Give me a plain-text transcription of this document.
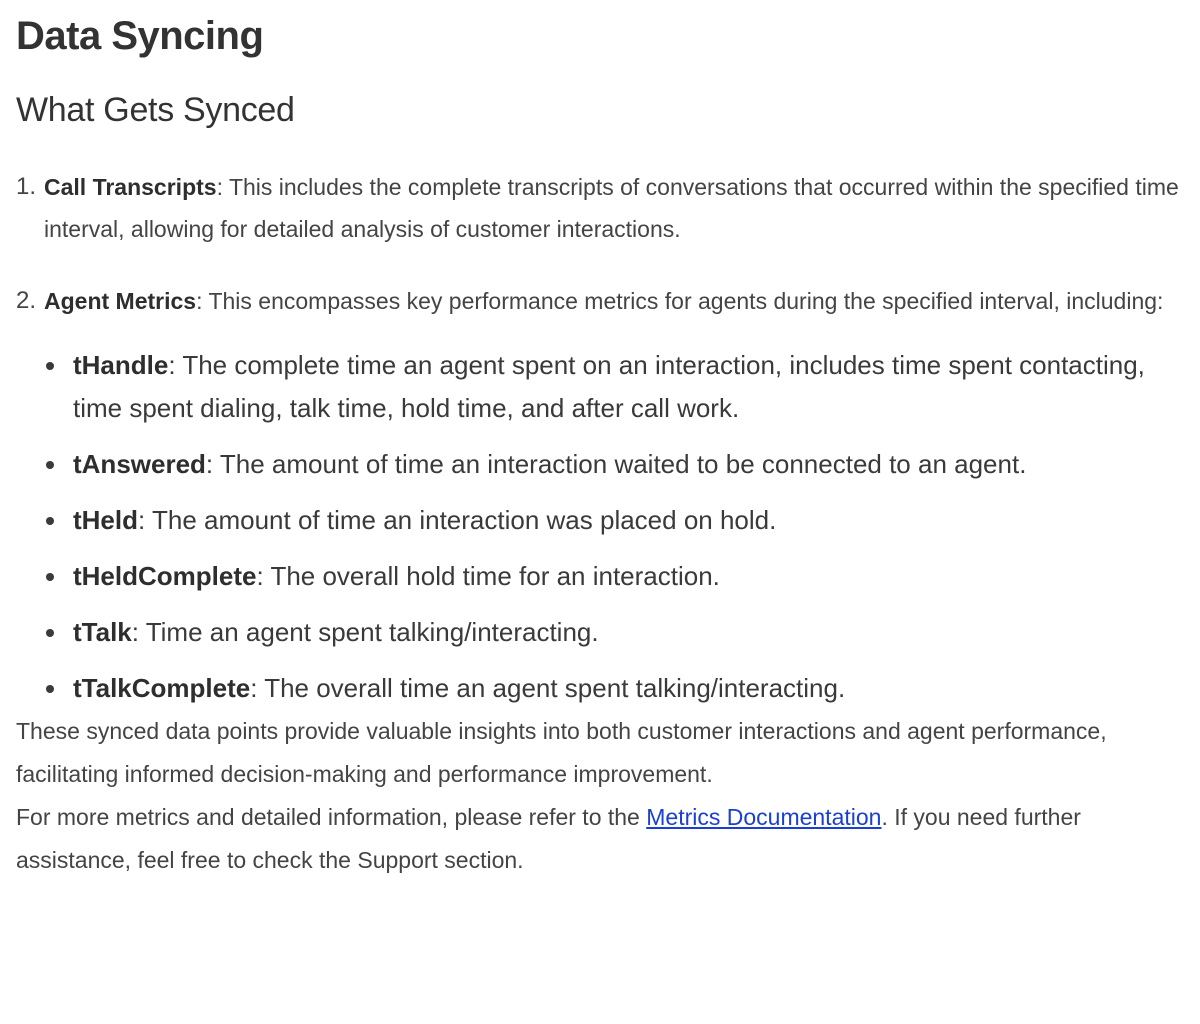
Data Syncing
What Gets Synced
1. Call Transcripts: This includes the complete transcripts of conversations that occurred within the specified time interval, allowing for detailed analysis of customer interactions.
2. Agent Metrics: This encompasses key performance metrics for agents during the specified interval, including:
tHandle: The complete time an agent spent on an interaction, includes time spent contacting, time spent dialing, talk time, hold time, and after call work.
tAnswered: The amount of time an interaction waited to be connected to an agent.
tHeld: The amount of time an interaction was placed on hold.
tHeldComplete: The overall hold time for an interaction.
tTalk: Time an agent spent talking/interacting.
tTalkComplete: The overall time an agent spent talking/interacting.

These synced data points provide valuable insights into both customer interactions and agent performance, facilitating informed decision-making and performance improvement.

For more metrics and detailed information, please refer to the Metrics Documentation. If you need further assistance, feel free to check the Support section.
